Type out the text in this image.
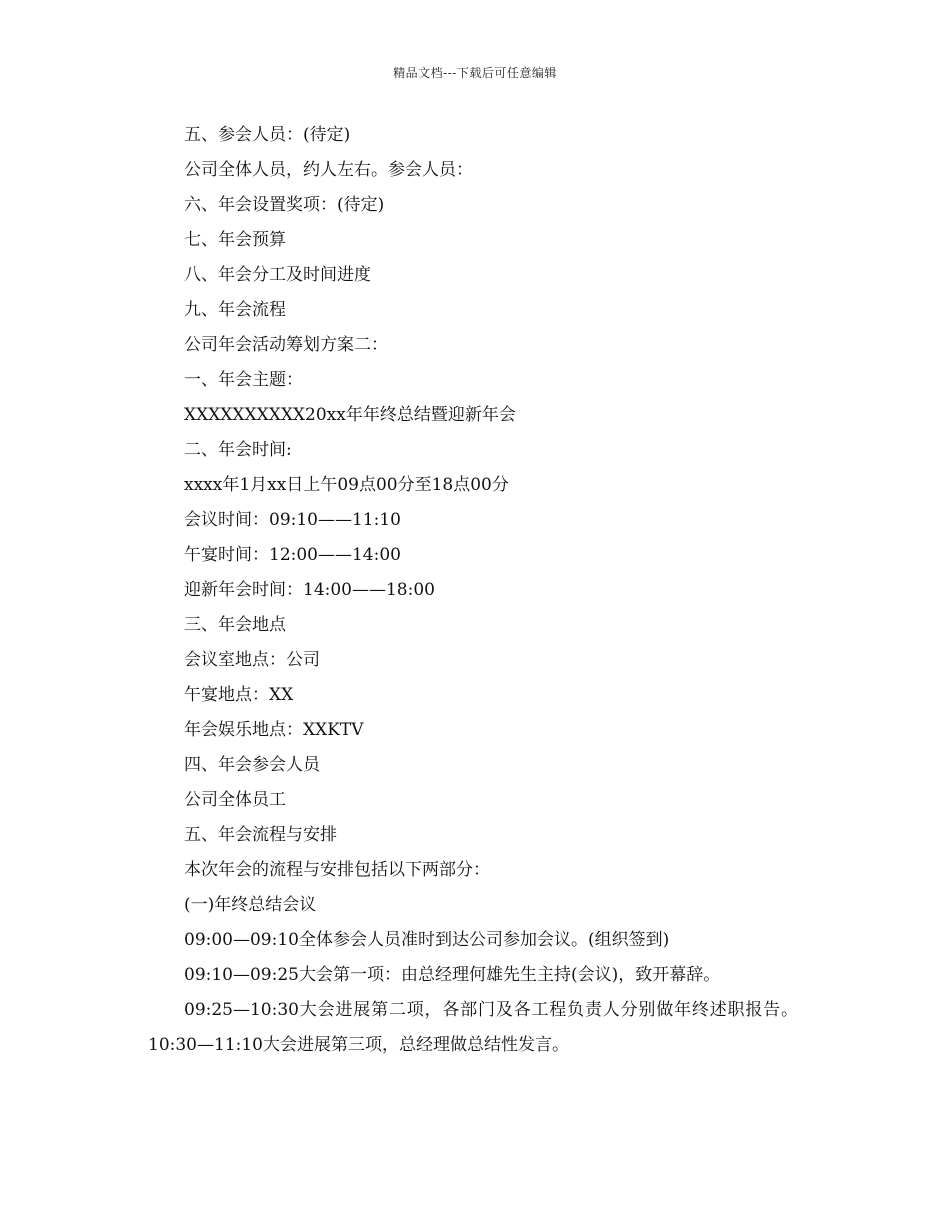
精品文档---下载后可任意编辑

五、参会人员：(待定)

公司全体人员，约人左右。参会人员：

六、年会设置奖项：(待定)

七、年会预算

八、年会分工及时间进度

九、年会流程

公司年会活动筹划方案二：

一、年会主题：

XXXXXXXXXX20xx年年终总结暨迎新年会

二、年会时间:

xxxx年1月xx日上午09点00分至18点00分

会议时间：09:10——11:10

午宴时间：12:00——14:00

迎新年会时间：14:00——18:00

三、年会地点

会议室地点：公司

午宴地点：XX

年会娱乐地点：XXKTV

四、年会参会人员

公司全体员工

五、年会流程与安排

本次年会的流程与安排包括以下两部分：

(一)年终总结会议

09:00—09:10全体参会人员准时到达公司参加会议。(组织签到)

09:10—09:25大会第一项：由总经理何雄先生主持(会议)，致开幕辞。

09:25—10:30大会进展第二项，各部门及各工程负责人分别做年终述职报告。10:30—11:10大会进展第三项，总经理做总结性发言。
